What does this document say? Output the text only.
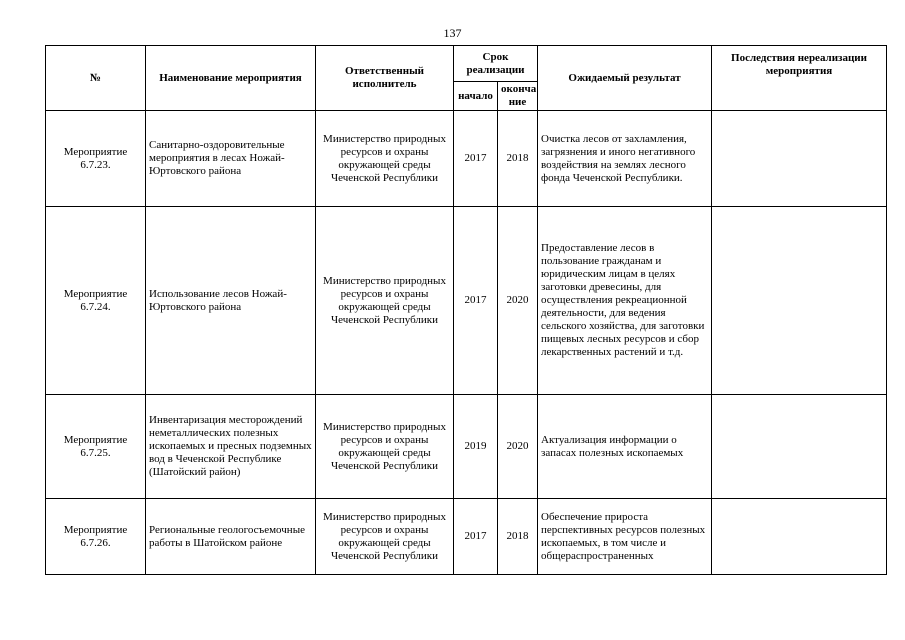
137
№	Наименование мероприятия	Ответственный исполнитель	Срок реализации		Ожидаемый результат	Последствия нереализации мероприятия
			начало	оконча ние		
Мероприятие 6.7.23.	Санитарно-оздоровительные мероприятия в лесах Ножай-Юртовского района	Министерство природных ресурсов и охраны окружающей среды Чеченской Республики	2017	2018	Очистка лесов от захламления, загрязнения и иного негативного воздействия на землях лесного фонда Чеченской Республики.	
Мероприятие 6.7.24.	Использование лесов Ножай-Юртовского района	Министерство природных ресурсов и охраны окружающей среды Чеченской Республики	2017	2020	Предоставление лесов в пользование гражданам и юридическим лицам в целях заготовки древесины, для осуществления рекреационной деятельности, для ведения сельского хозяйства, для заготовки пищевых лесных ресурсов и сбор лекарственных растений и т.д.	
Мероприятие 6.7.25.	Инвентаризация месторождений неметаллических полезных ископаемых и пресных подземных вод в Чеченской Республике (Шатойский район)	Министерство природных ресурсов и охраны окружающей среды Чеченской Республики	2019	2020	Актуализация информации о запасах полезных ископаемых	
Мероприятие 6.7.26.	Региональные геологосъемочные работы в Шатойском районе	Министерство природных ресурсов и охраны окружающей среды Чеченской Республики	2017	2018	Обеспечение прироста перспективных ресурсов полезных ископаемых, в том числе и общераспространенных	
